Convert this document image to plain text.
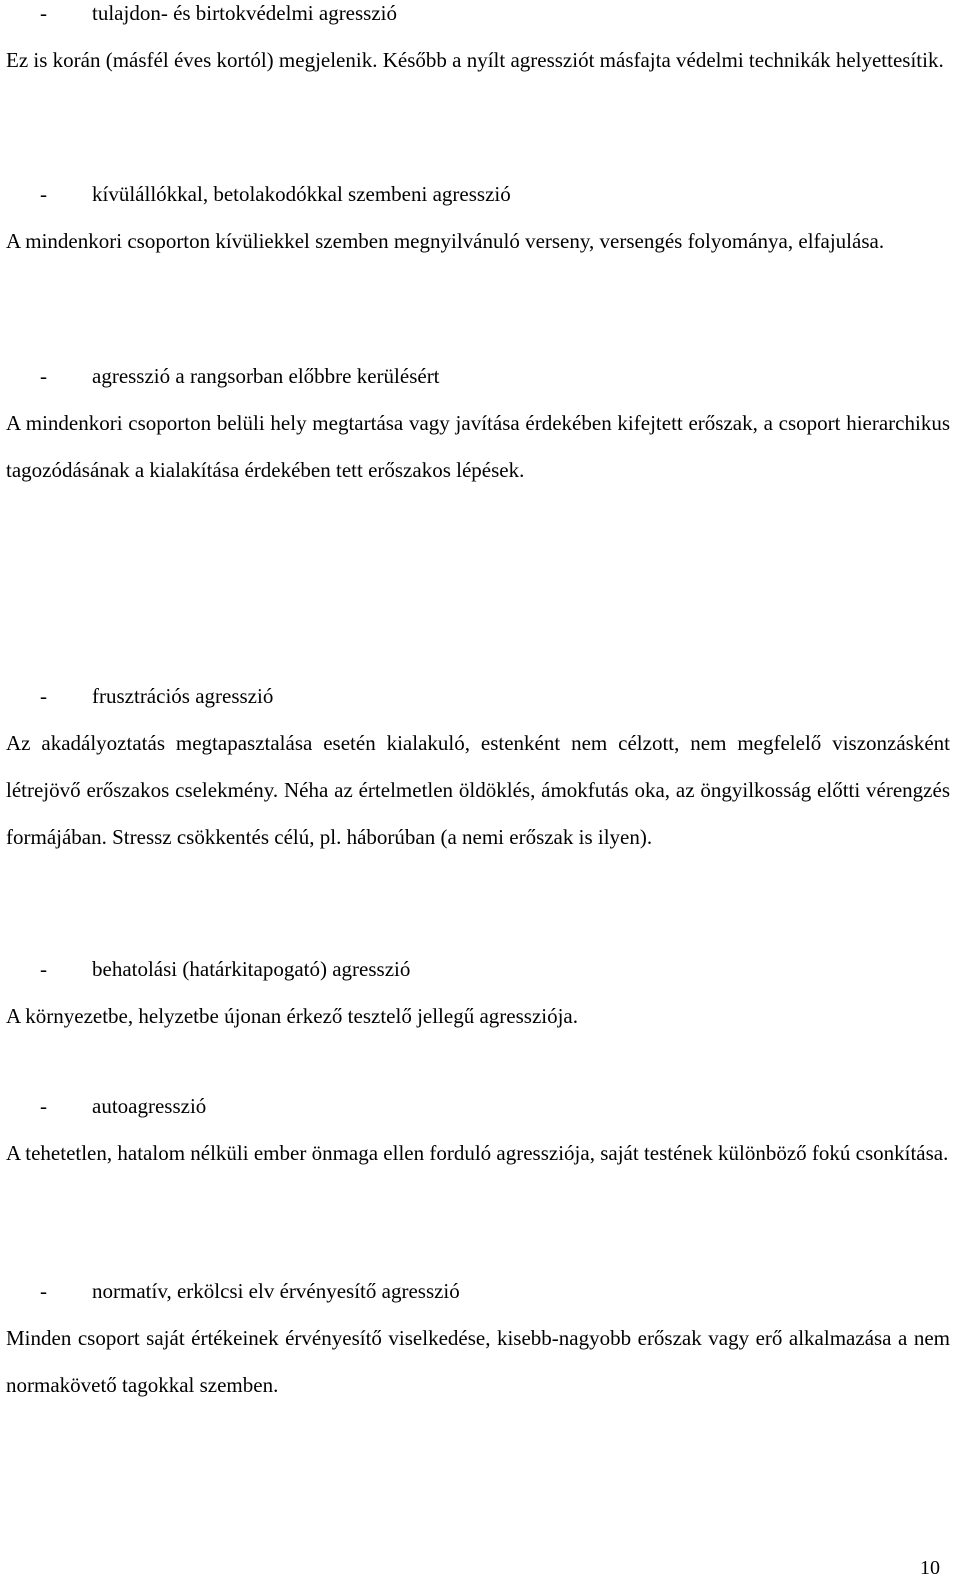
- tulajdon- és birtokvédelmi agresszió
Ez is korán (másfél éves kortól) megjelenik. Később a nyílt agressziót másfajta védelmi technikák helyettesítik.
- kívülállókkal, betolakodókkal szembeni agresszió
A mindenkori csoporton kívüliekkel szemben megnyilvánuló verseny, versengés folyománya, elfajulása.
- agresszió a rangsorban előbbre kerülésért
A mindenkori csoporton belüli hely megtartása vagy javítása érdekében kifejtett erőszak, a csoport hierarchikus tagozódásának a kialakítása érdekében tett erőszakos lépések.
- frusztrációs agresszió
Az akadályoztatás megtapasztalása esetén kialakuló, estenként nem célzott, nem megfelelő viszonzásként létrejövő erőszakos cselekmény. Néha az értelmetlen öldöklés, ámokfutás oka, az öngyilkosság előtti vérengzés formájában. Stressz csökkentés célú, pl. háborúban (a nemi erőszak is ilyen).
- behatolási (határkitapogató) agresszió
A környezetbe, helyzetbe újonan érkező tesztelő jellegű agressziója.
- autoagresszió
A tehetetlen, hatalom nélküli ember önmaga ellen forduló agressziója, saját testének különböző fokú csonkítása.
- normatív, erkölcsi elv érvényesítő agresszió
Minden csoport saját értékeinek érvényesítő viselkedése, kisebb-nagyobb erőszak vagy erő alkalmazása a nem normakövető tagokkal szemben.
10
